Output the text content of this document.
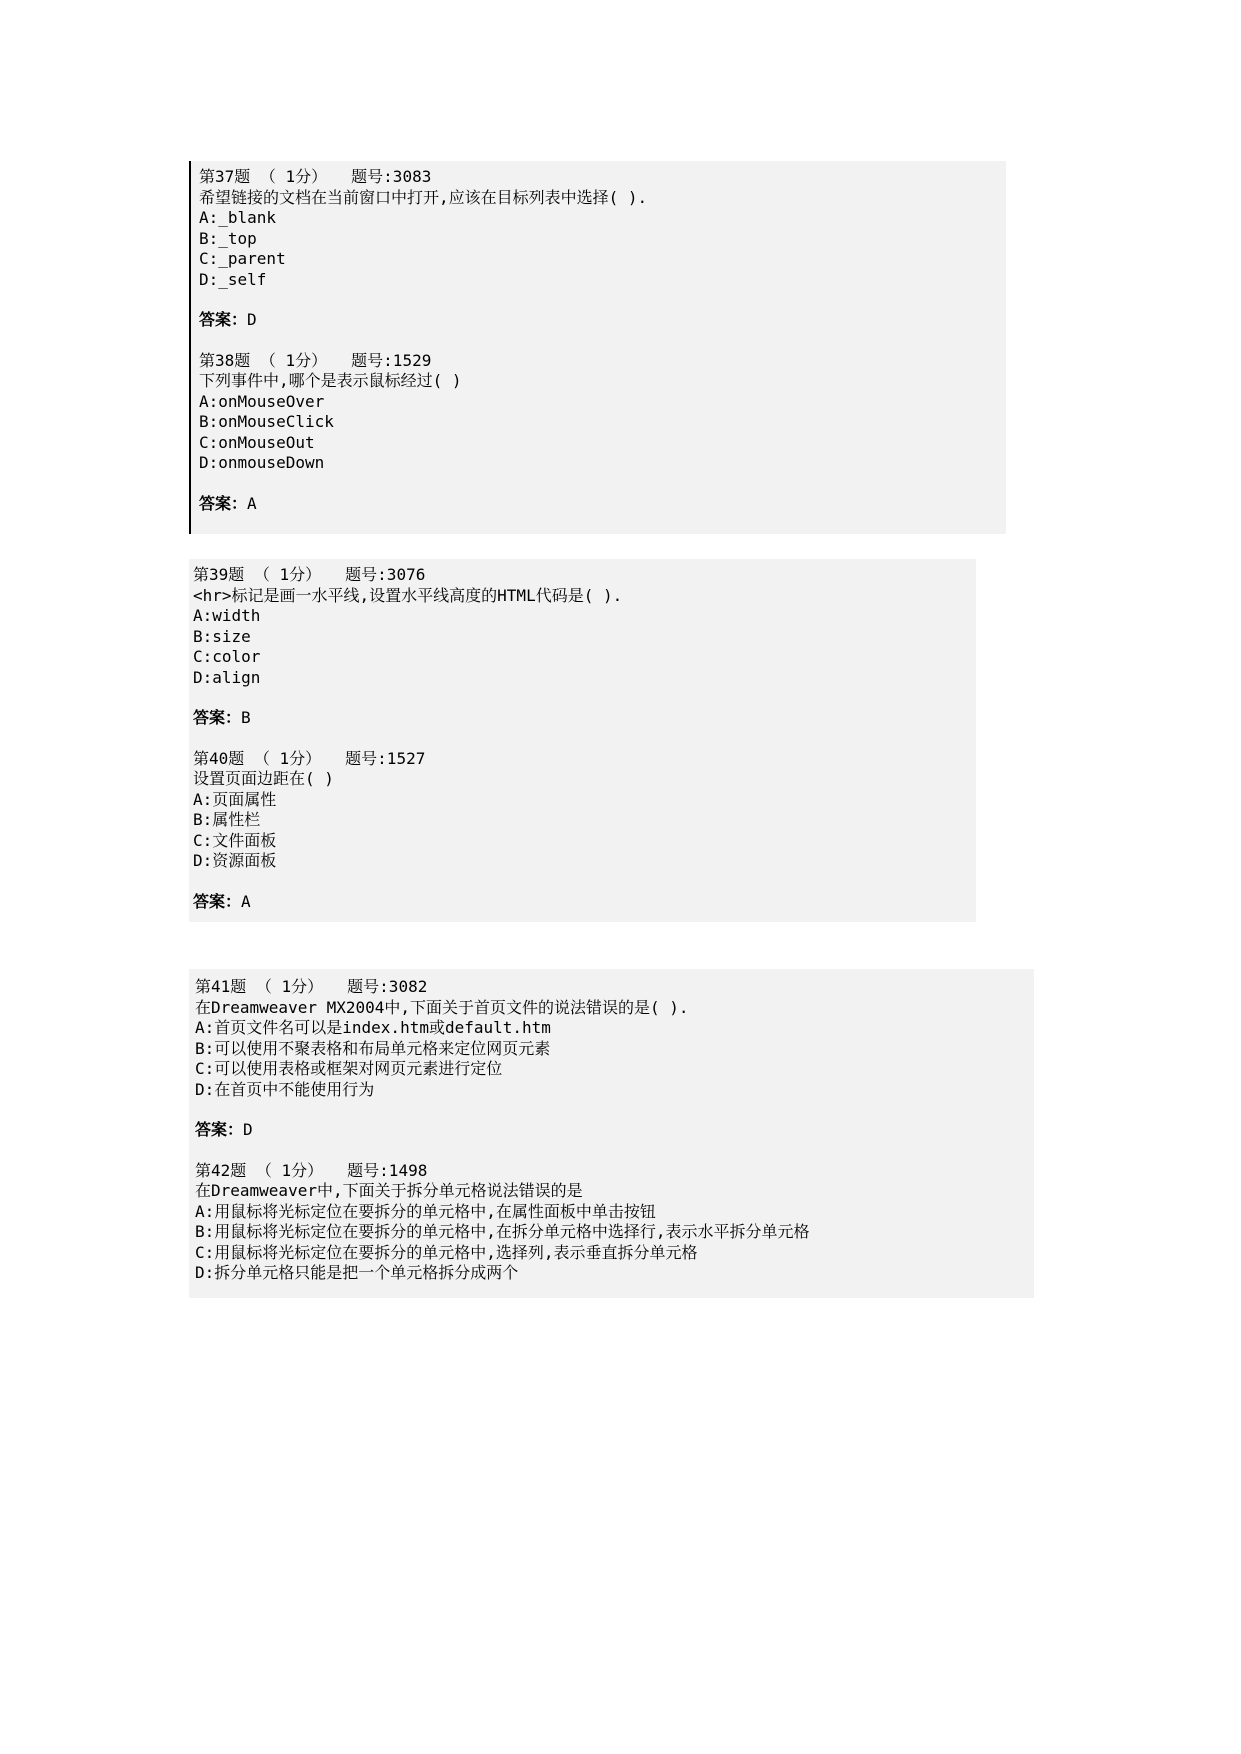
第37题 （ 1分） 题号:3083
希望链接的文档在当前窗口中打开,应该在目标列表中选择( ).
A:_blank
B:_top
C:_parent
D:_self
答案：D
第38题 （ 1分） 题号:1529
下列事件中,哪个是表示鼠标经过( )
A:onMouseOver
B:onMouseClick
C:onMouseOut
D:onmouseDown
答案：A
第39题 （ 1分） 题号:3076
<hr>标记是画一水平线,设置水平线高度的HTML代码是( ).
A:width
B:size
C:color
D:align
答案：B
第40题 （ 1分） 题号:1527
设置页面边距在( )
A:页面属性
B:属性栏
C:文件面板
D:资源面板
答案：A
第41题 （ 1分） 题号:3082
在Dreamweaver MX2004中,下面关于首页文件的说法错误的是( ).
A:首页文件名可以是index.htm或default.htm
B:可以使用不聚表格和布局单元格来定位网页元素
C:可以使用表格或框架对网页元素进行定位
D:在首页中不能使用行为
答案：D
第42题 （ 1分） 题号:1498
在Dreamweaver中,下面关于拆分单元格说法错误的是
A:用鼠标将光标定位在要拆分的单元格中,在属性面板中单击按钮
B:用鼠标将光标定位在要拆分的单元格中,在拆分单元格中选择行,表示水平拆分单元格
C:用鼠标将光标定位在要拆分的单元格中,选择列,表示垂直拆分单元格
D:拆分单元格只能是把一个单元格拆分成两个
